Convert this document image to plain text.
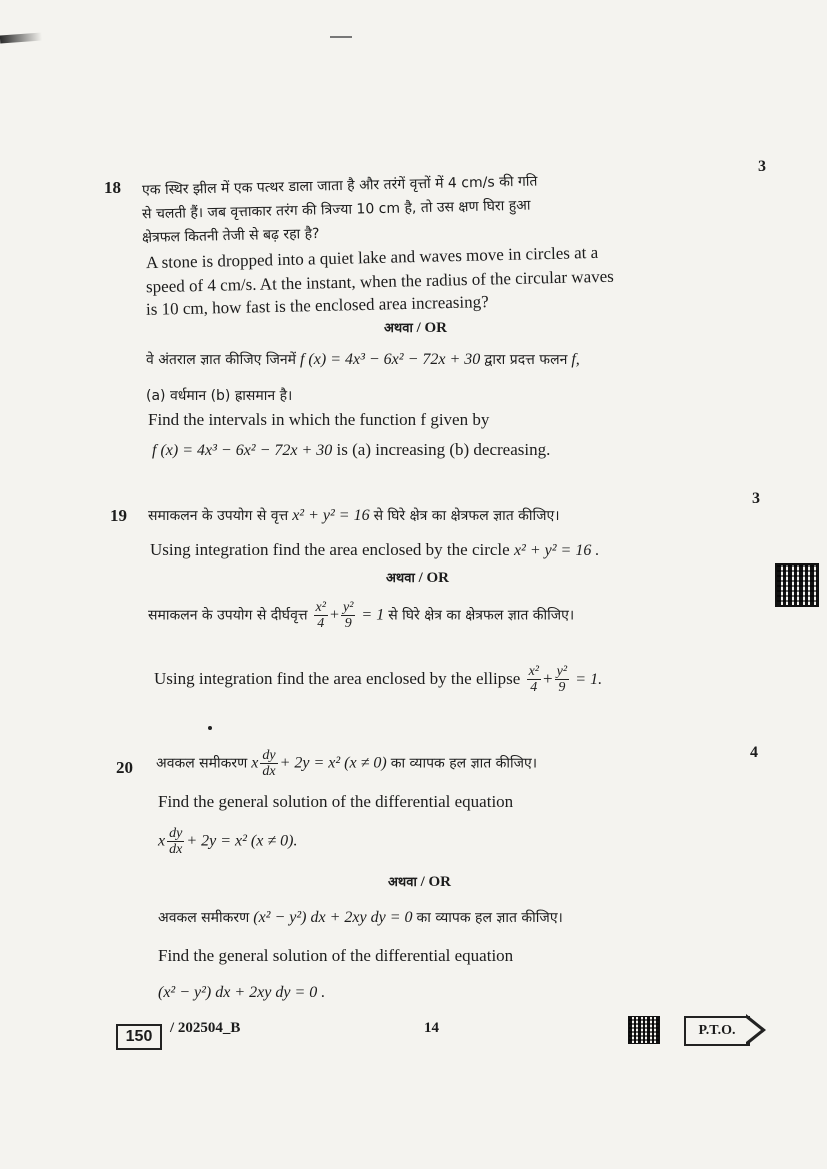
18
3
एक स्थिर झील में एक पत्थर डाला जाता है और तरंगें वृत्तों में 4 cm/s की गति
से चलती हैं। जब वृत्ताकार तरंग की त्रिज्या 10 cm है, तो उस क्षण घिरा हुआ
क्षेत्रफल कितनी तेजी से बढ़ रहा है?
A stone is dropped into a quiet lake and waves move in circles at a
speed of 4 cm/s. At the instant, when the radius of the circular waves
is 10 cm, how fast is the enclosed area increasing?
अथवा / OR
वे अंतराल ज्ञात कीजिए जिनमें f (x) = 4x³ − 6x² − 72x + 30 द्वारा प्रदत्त फलन f,
(a) वर्धमान (b) ह्रासमान है।
Find the intervals in which the function f given by
f (x) = 4x³ − 6x² − 72x + 30 is (a) increasing (b) decreasing.
19
3
समाकलन के उपयोग से वृत्त x² + y² = 16 से घिरे क्षेत्र का क्षेत्रफल ज्ञात कीजिए।
Using integration find the area enclosed by the circle x² + y² = 16 .
अथवा / OR
समाकलन के उपयोग से दीर्घवृत्त $\frac{\text{x²}}{4} + \frac{\text{y²}}{9} = 1$ से घिरे क्षेत्र का क्षेत्रफल ज्ञात कीजिए।
Using integration find the area enclosed by the ellipse $\frac{\text{x²}}{4} + \frac{\text{y²}}{9} = 1$.
20
4
अवकल समीकरण x $\frac{dy}{dx} + 2y = x^2$ (x ≠ 0) का व्यापक हल ज्ञात कीजिए।
Find the general solution of the differential equation
x $\frac{dy}{dx} + 2y = x^2$ (x ≠ 0).
अथवा / OR
अवकल समीकरण (x² − y²) dx + 2xy dy = 0 का व्यापक हल ज्ञात कीजिए।
Find the general solution of the differential equation
(x² − y²) dx + 2xy dy = 0 .
150	/ 202504_B	14	P.T.O.
